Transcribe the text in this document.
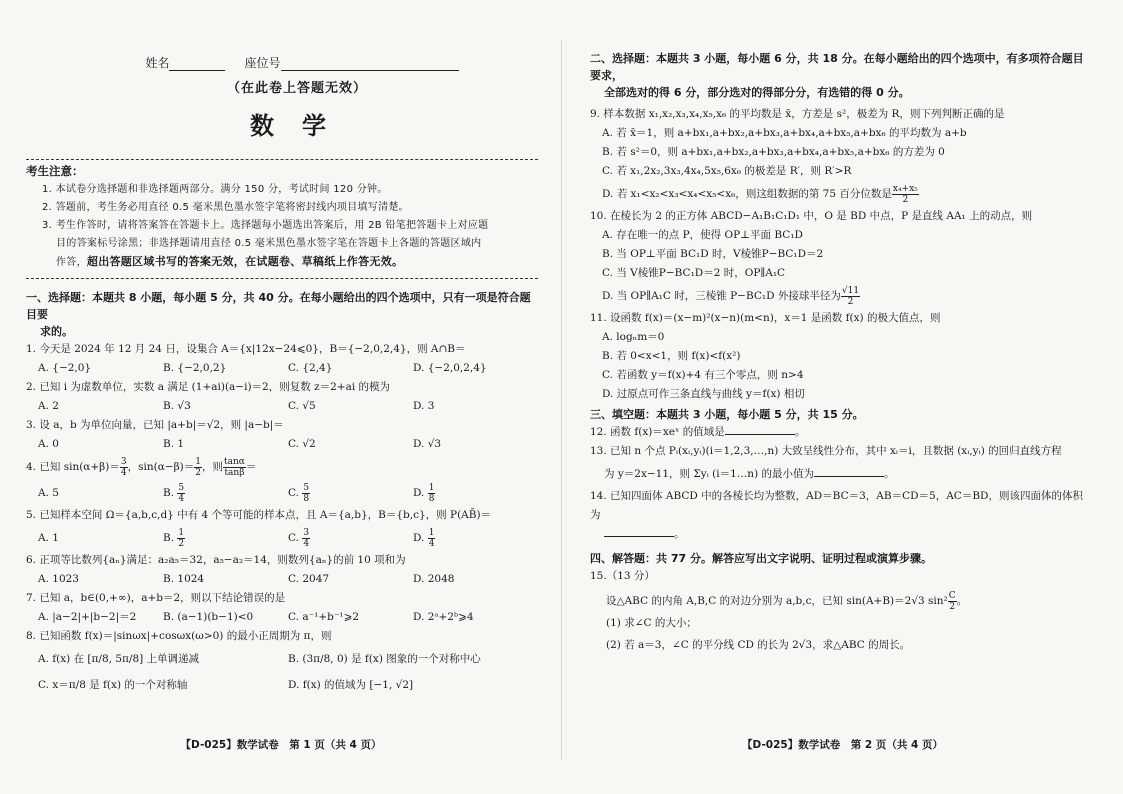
姓名	座位号
（在此卷上答题无效）
数学
考生注意：
1. 本试卷分选择题和非选择题两部分。满分 150 分，考试时间 120 分钟。
2. 答题前，考生务必用直径 0.5 毫米黑色墨水签字笔将密封线内项目填写清楚。
3. 考生作答时，请将答案答在答题卡上。选择题每小题选出答案后，用 2B 铅笔把答题卡上对应题
目的答案标号涂黑；非选择题请用直径 0.5 毫米黑色墨水签字笔在答题卡上各题的答题区域内
作答，超出答题区域书写的答案无效，在试题卷、草稿纸上作答无效。
一、选择题：本题共 8 小题，每小题 5 分，共 40 分。在每小题给出的四个选项中，只有一项是符合题目要
求的。
1. 今天是 2024 年 12 月 24 日，设集合 A＝{x|12x−24⩽0}，B＝{−2,0,2,4}，则 A∩B＝
A. {−2,0}	B. {−2,0,2}	C. {2,4}	D. {−2,0,2,4}
2. 已知 i 为虚数单位，实数 a 满足 (1+ai)(a−i)＝2，则复数 z＝2+ai 的模为
A. 2	B. √3	C. √5	D. 3
3. 设 a，b 为单位向量，已知 |a+b|＝√2，则 |a−b|＝
A. 0	B. 1	C. √2	D. √3
4. 已知 $\sin(\alpha+\beta)= \frac{3}{4}$ ，$\sin(\alpha-\beta)= \frac{1}{2}$ ，则 $\frac{\tan\alpha}{\tan\beta}$ ＝
A. 5	B. $\frac{5}{4}$	C. $\frac{5}{8}$	D. $\frac{1}{8}$
5. 已知样本空间 Ω＝{a,b,c,d} 中有 4 个等可能的样本点，且 A＝{a,b}，B＝{b,c}，则 P(AB̄)＝
A. 1	B. $\frac{1}{2}$	C. $\frac{3}{4}$	D. $\frac{1}{4}$
6. 正项等比数列{aₙ}满足：a₂a₅＝32，a₅−a₂＝14，则数列{aₙ}的前 10 项和为
A. 1023	B. 1024	C. 2047	D. 2048
7. 已知 a，b∈(0,+∞)，a+b＝2，则以下结论错误的是
A. |a−2|+|b−2|＝2	B. (a−1)(b−1)<0	C. a⁻¹+b⁻¹⩾2	D. 2ᵃ+2ᵇ⩾4
8. 已知函数 f(x)＝|sinωx|+cosωx(ω>0) 的最小正周期为 π，则
A. f(x) 在 [π/8, 5π/8] 上单调递减	B. (3π/8, 0) 是 f(x) 图象的一个对称中心
C. x＝π/8 是 f(x) 的一个对称轴	D. f(x) 的值域为 [−1, √2]
【D-025】数学试卷　第 1 页（共 4 页）
二、选择题：本题共 3 小题，每小题 6 分，共 18 分。在每小题给出的四个选项中，有多项符合题目要求，
全部选对的得 6 分，部分选对的得部分分，有选错的得 0 分。
9. 样本数据 x₁,x₂,x₃,x₄,x₅,x₆ 的平均数是 x̄，方差是 s²，极差为 R，则下列判断正确的是
A. 若 x̄＝1，则 a+bx₁,a+bx₂,a+bx₃,a+bx₄,a+bx₅,a+bx₆ 的平均数为 a+b
B. 若 s²＝0，则 a+bx₁,a+bx₂,a+bx₃,a+bx₄,a+bx₅,a+bx₆ 的方差为 0
C. 若 x₁,2x₂,3x₃,4x₄,5x₅,6x₆ 的极差是 R′，则 R′>R
D. 若 x₁<x₂<x₃<x₄<x₅<x₆，则这组数据的第 75 百分位数是 $\frac{\text{x₄+x₅}}{2}$
10. 在棱长为 2 的正方体 ABCD−A₁B₁C₁D₁ 中，O 是 BD 中点，P 是直线 AA₁ 上的动点，则
A. 存在唯一的点 P，使得 OP⊥平面 BC₁D
B. 当 OP⊥平面 BC₁D 时，V棱锥P−BC₁D＝2
C. 当 V棱锥P−BC₁D＝2 时，OP∥A₁C
D. 当 OP∥A₁C 时，三棱锥 P−BC₁D 外接球半径为 $\frac{√11}{2}$
11. 设函数 f(x)＝(x−m)²(x−n)(m<n)，x＝1 是函数 f(x) 的极大值点，则
A. logₙm＝0
B. 若 0<x<1，则 f(x)<f(x²)
C. 若函数 y＝f(x)+4 有三个零点，则 n>4
D. 过原点可作三条直线与曲线 y＝f(x) 相切
三、填空题：本题共 3 小题，每小题 5 分，共 15 分。
12. 函数 f(x)＝xeˣ 的值域是	。
13. 已知 n 个点 Pᵢ(xᵢ,yᵢ)(i＝1,2,3,…,n) 大致呈线性分布，其中 xᵢ＝i，且数据 (xᵢ,yᵢ) 的回归直线方程
为 y＝2x−11，则 Σyᵢ (i＝1…n) 的最小值为	。
14. 已知四面体 ABCD 中的各棱长均为整数，AD＝BC＝3，AB＝CD＝5，AC＝BD，则该四面体的体积为
。
四、解答题：共 77 分。解答应写出文字说明、证明过程或演算步骤。
15.（13 分）
设△ABC 的内角 A,B,C 的对边分别为 a,b,c，已知 sin(A+B)＝2√3 $\sin^2 \frac{C}{2}$ 。
(1) 求∠C 的大小；
(2) 若 a＝3，∠C 的平分线 CD 的长为 2√3，求△ABC 的周长。
【D-025】数学试卷　第 2 页（共 4 页）
